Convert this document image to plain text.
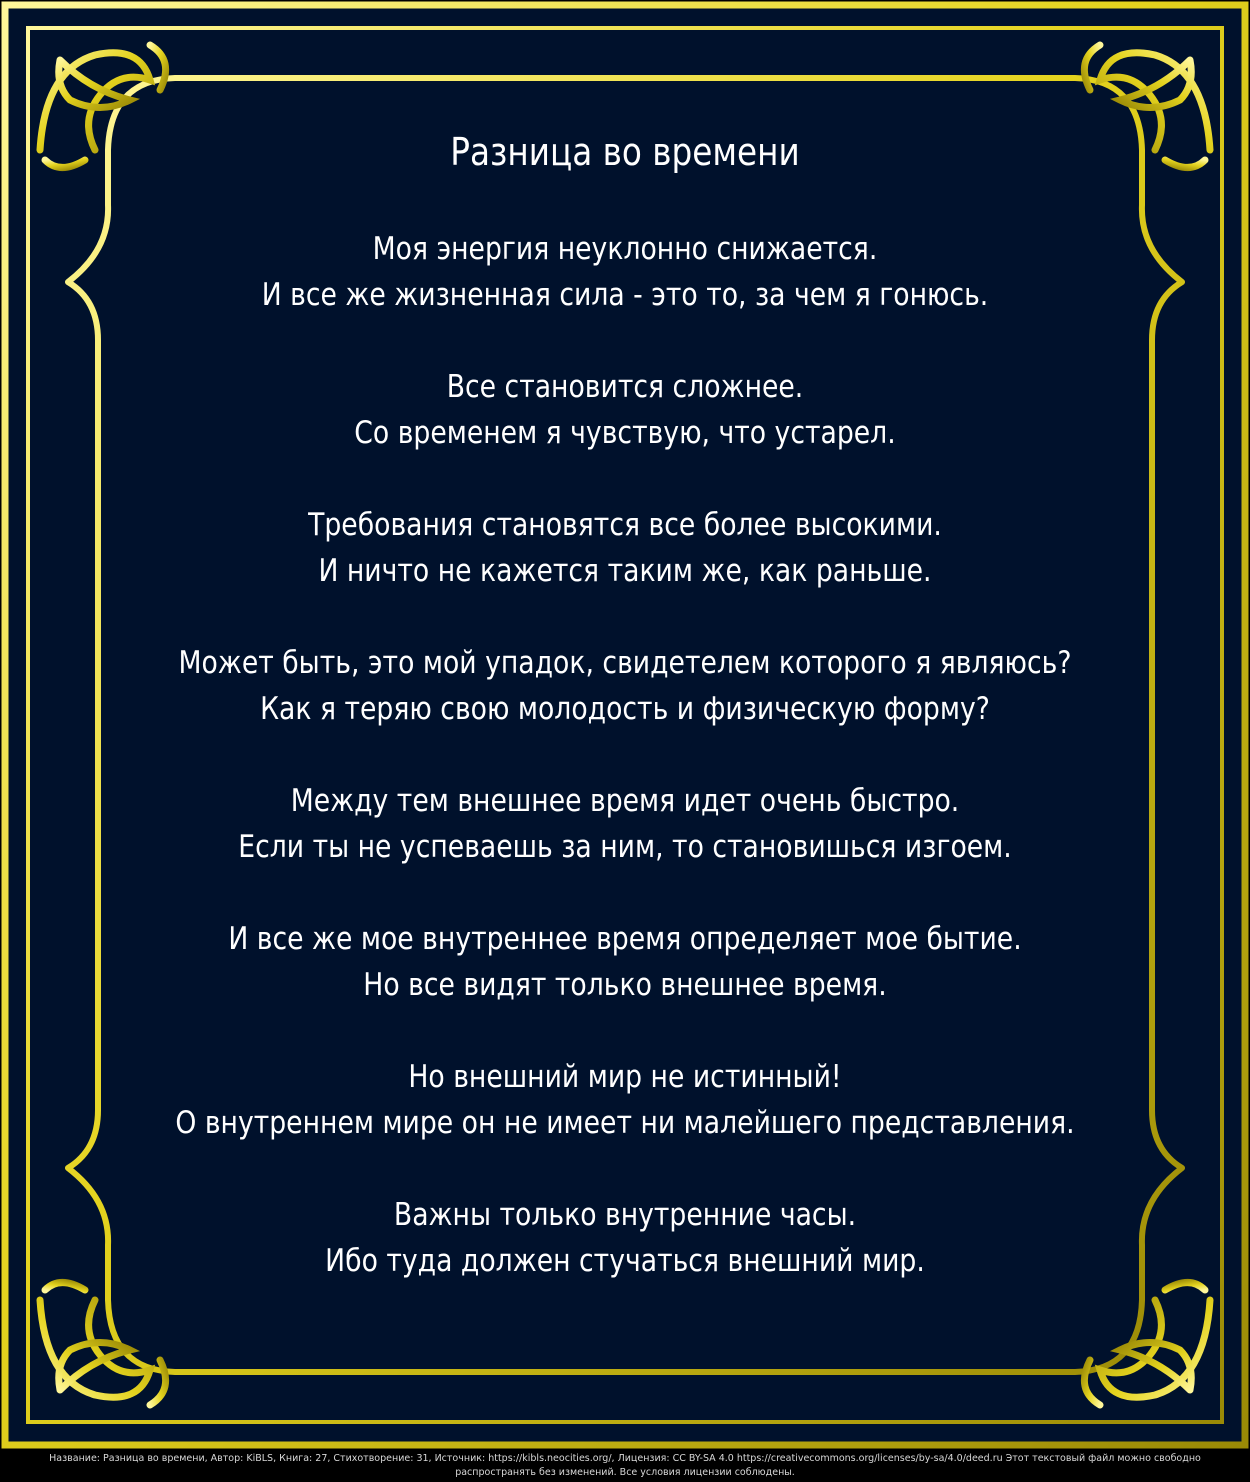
Разница во времени
Моя энергия неуклонно снижается.
И все же жизненная сила - это то, за чем я гонюсь.
Все становится сложнее.
Со временем я чувствую, что устарел.
Требования становятся все более высокими.
И ничто не кажется таким же, как раньше.
Может быть, это мой упадок, свидетелем которого я являюсь?
Как я теряю свою молодость и физическую форму?
Между тем внешнее время идет очень быстро.
Если ты не успеваешь за ним, то становишься изгоем.
И все же мое внутреннее время определяет мое бытие.
Но все видят только внешнее время.
Но внешний мир не истинный!
О внутреннем мире он не имеет ни малейшего представления.
Важны только внутренние часы.
Ибо туда должен стучаться внешний мир.
Название: Разница во времени, Автор: KiBLS, Книга: 27, Стихотворение: 31, Источник: https://kibls.neocities.org/, Лицензия: CC BY-SA 4.0 https://creativecommons.org/licenses/by-sa/4.0/deed.ru Этот текстовый файл можно свободно
распространять без изменений. Все условия лицензии соблюдены.
